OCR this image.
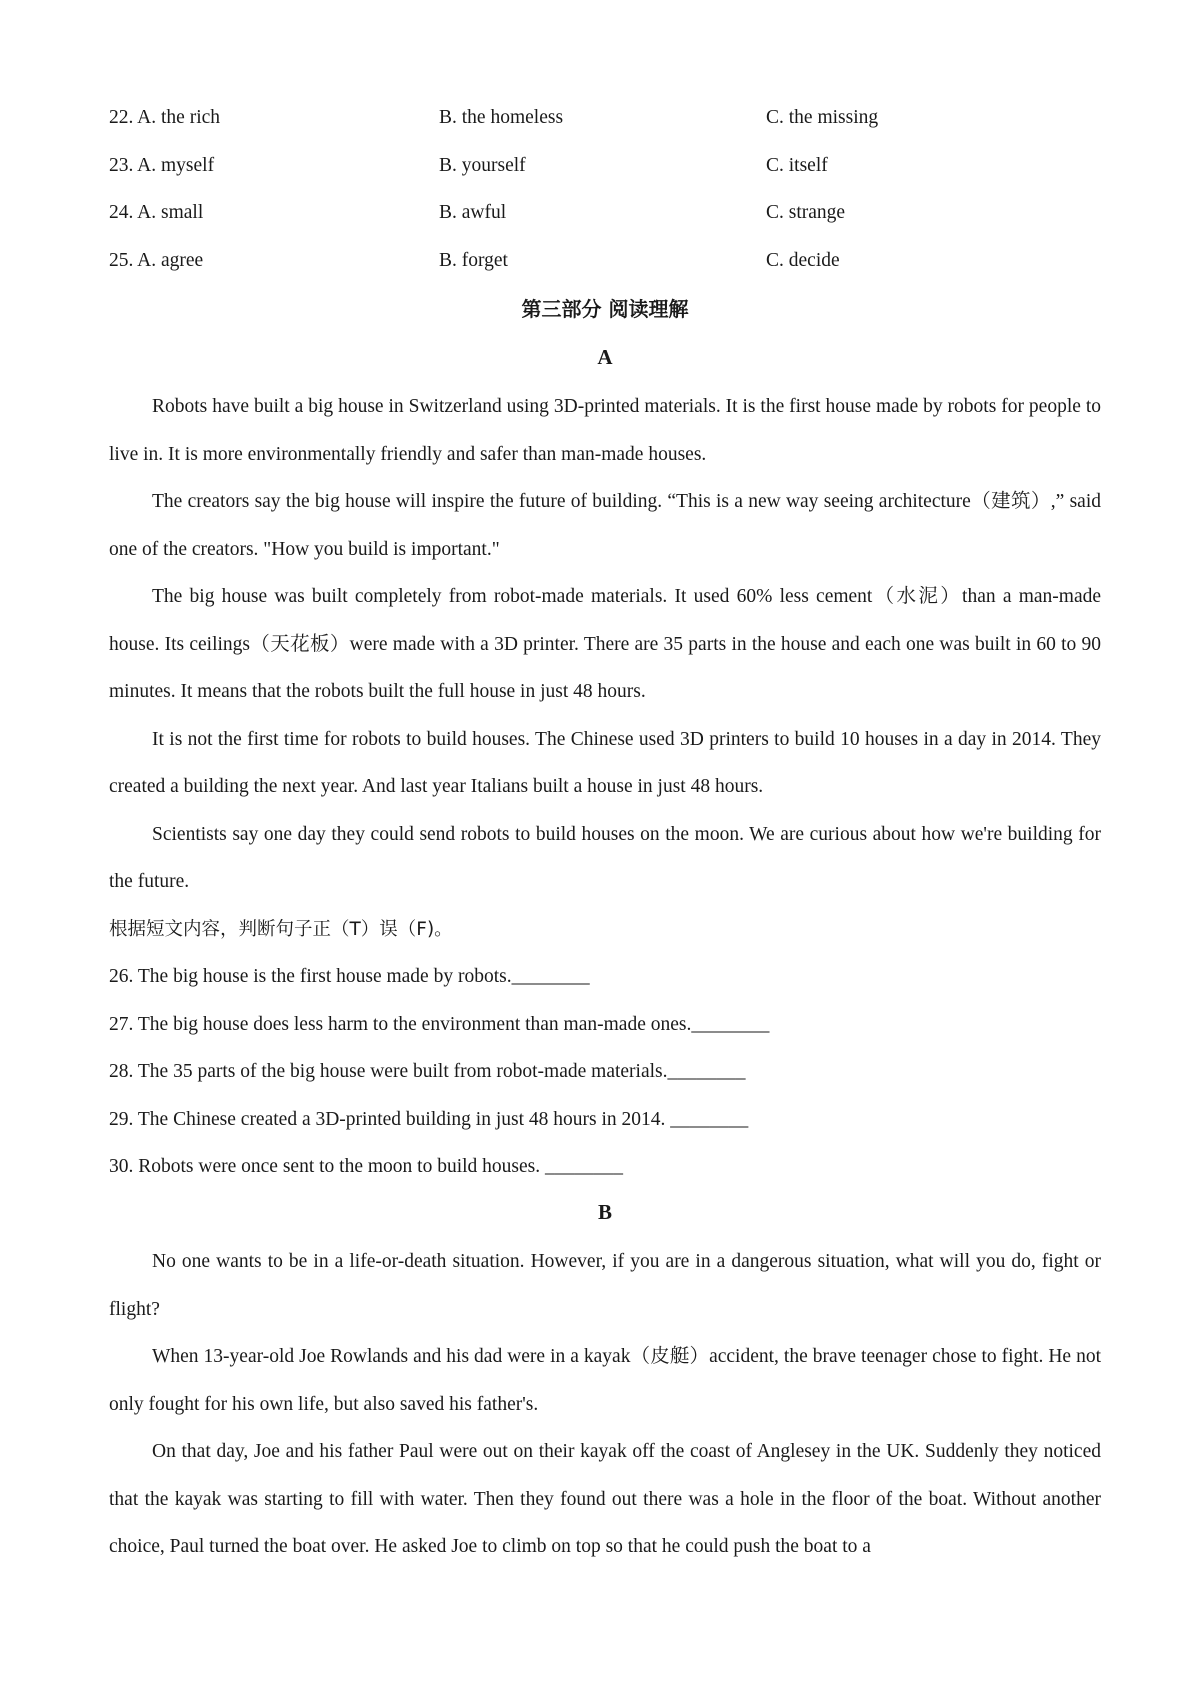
22. A. the rich	B. the homeless	C. the missing
23. A. myself	B. yourself	C. itself
24. A. small	B. awful	C. strange
25. A. agree	B. forget	C. decide
第三部分 阅读理解
A

Robots have built a big house in Switzerland using 3D-printed materials. It is the first house made by robots for people to live in. It is more environmentally friendly and safer than man-made houses.

The creators say the big house will inspire the future of building. “This is a new way seeing architecture（建筑）,” said one of the creators. "How you build is important."

The big house was built completely from robot-made materials. It used 60% less cement（水泥）than a man-made house. Its ceilings（天花板）were made with a 3D printer. There are 35 parts in the house and each one was built in 60 to 90 minutes. It means that the robots built the full house in just 48 hours.

It is not the first time for robots to build houses. The Chinese used 3D printers to build 10 houses in a day in 2014. They created a building the next year. And last year Italians built a house in just 48 hours.

Scientists say one day they could send robots to build houses on the moon. We are curious about how we're building for the future.

根据短文内容，判断句子正（T）误（F)。

26. The big house is the first house made by robots.________

27. The big house does less harm to the environment than man-made ones.________

28. The 35 parts of the big house were built from robot-made materials.________

29. The Chinese created a 3D-printed building in just 48 hours in 2014. ________

30. Robots were once sent to the moon to build houses. ________

B

No one wants to be in a life-or-death situation. However, if you are in a dangerous situation, what will you do, fight or flight?

When 13-year-old Joe Rowlands and his dad were in a kayak（皮艇）accident, the brave teenager chose to fight. He not only fought for his own life, but also saved his father's.

On that day, Joe and his father Paul were out on their kayak off the coast of Anglesey in the UK. Suddenly they noticed that the kayak was starting to fill with water. Then they found out there was a hole in the floor of the boat. Without another choice, Paul turned the boat over. He asked Joe to climb on top so that he could push the boat to a
